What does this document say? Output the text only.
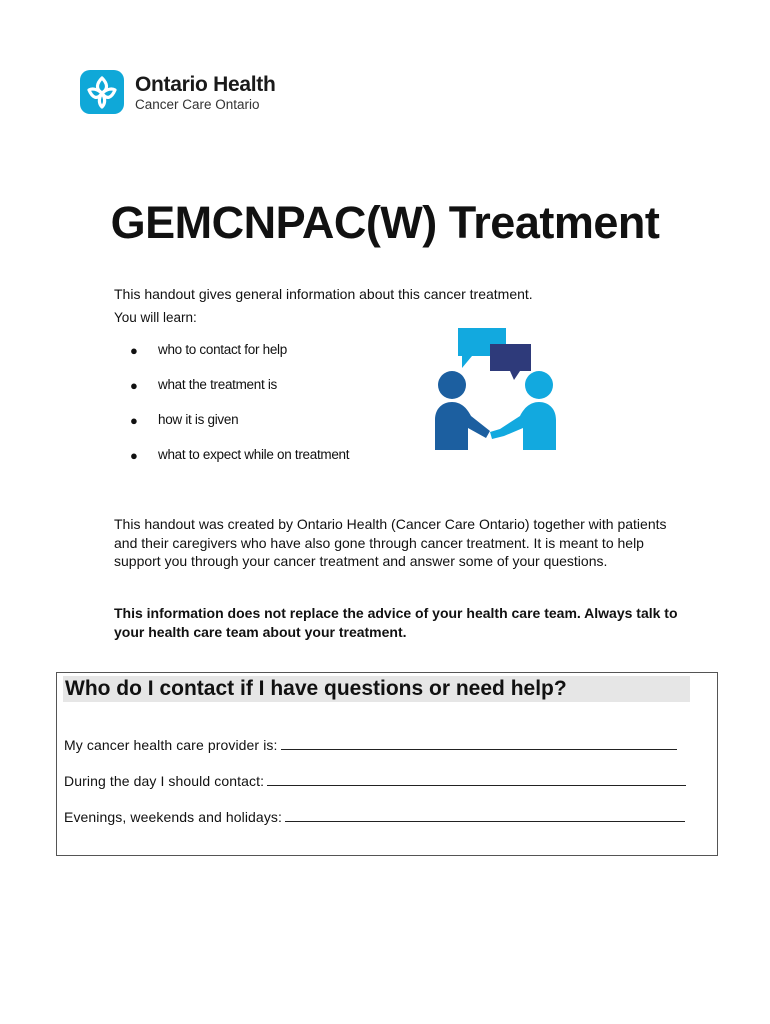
Ontario Health
Cancer Care Ontario
GEMCNPAC(W) Treatment

This handout gives general information about this cancer treatment.

You will learn:

● who to contact for help
● what the treatment is
● how it is given
● what to expect while on treatment

This handout was created by Ontario Health (Cancer Care Ontario) together with patients and their caregivers who have also gone through cancer treatment. It is meant to help support you through your cancer treatment and answer some of your questions.

This information does not replace the advice of your health care team. Always talk to your health care team about your treatment.

Who do I contact if I have questions or need help?
My cancer health care provider is:
During the day I should contact:
Evenings, weekends and holidays:
